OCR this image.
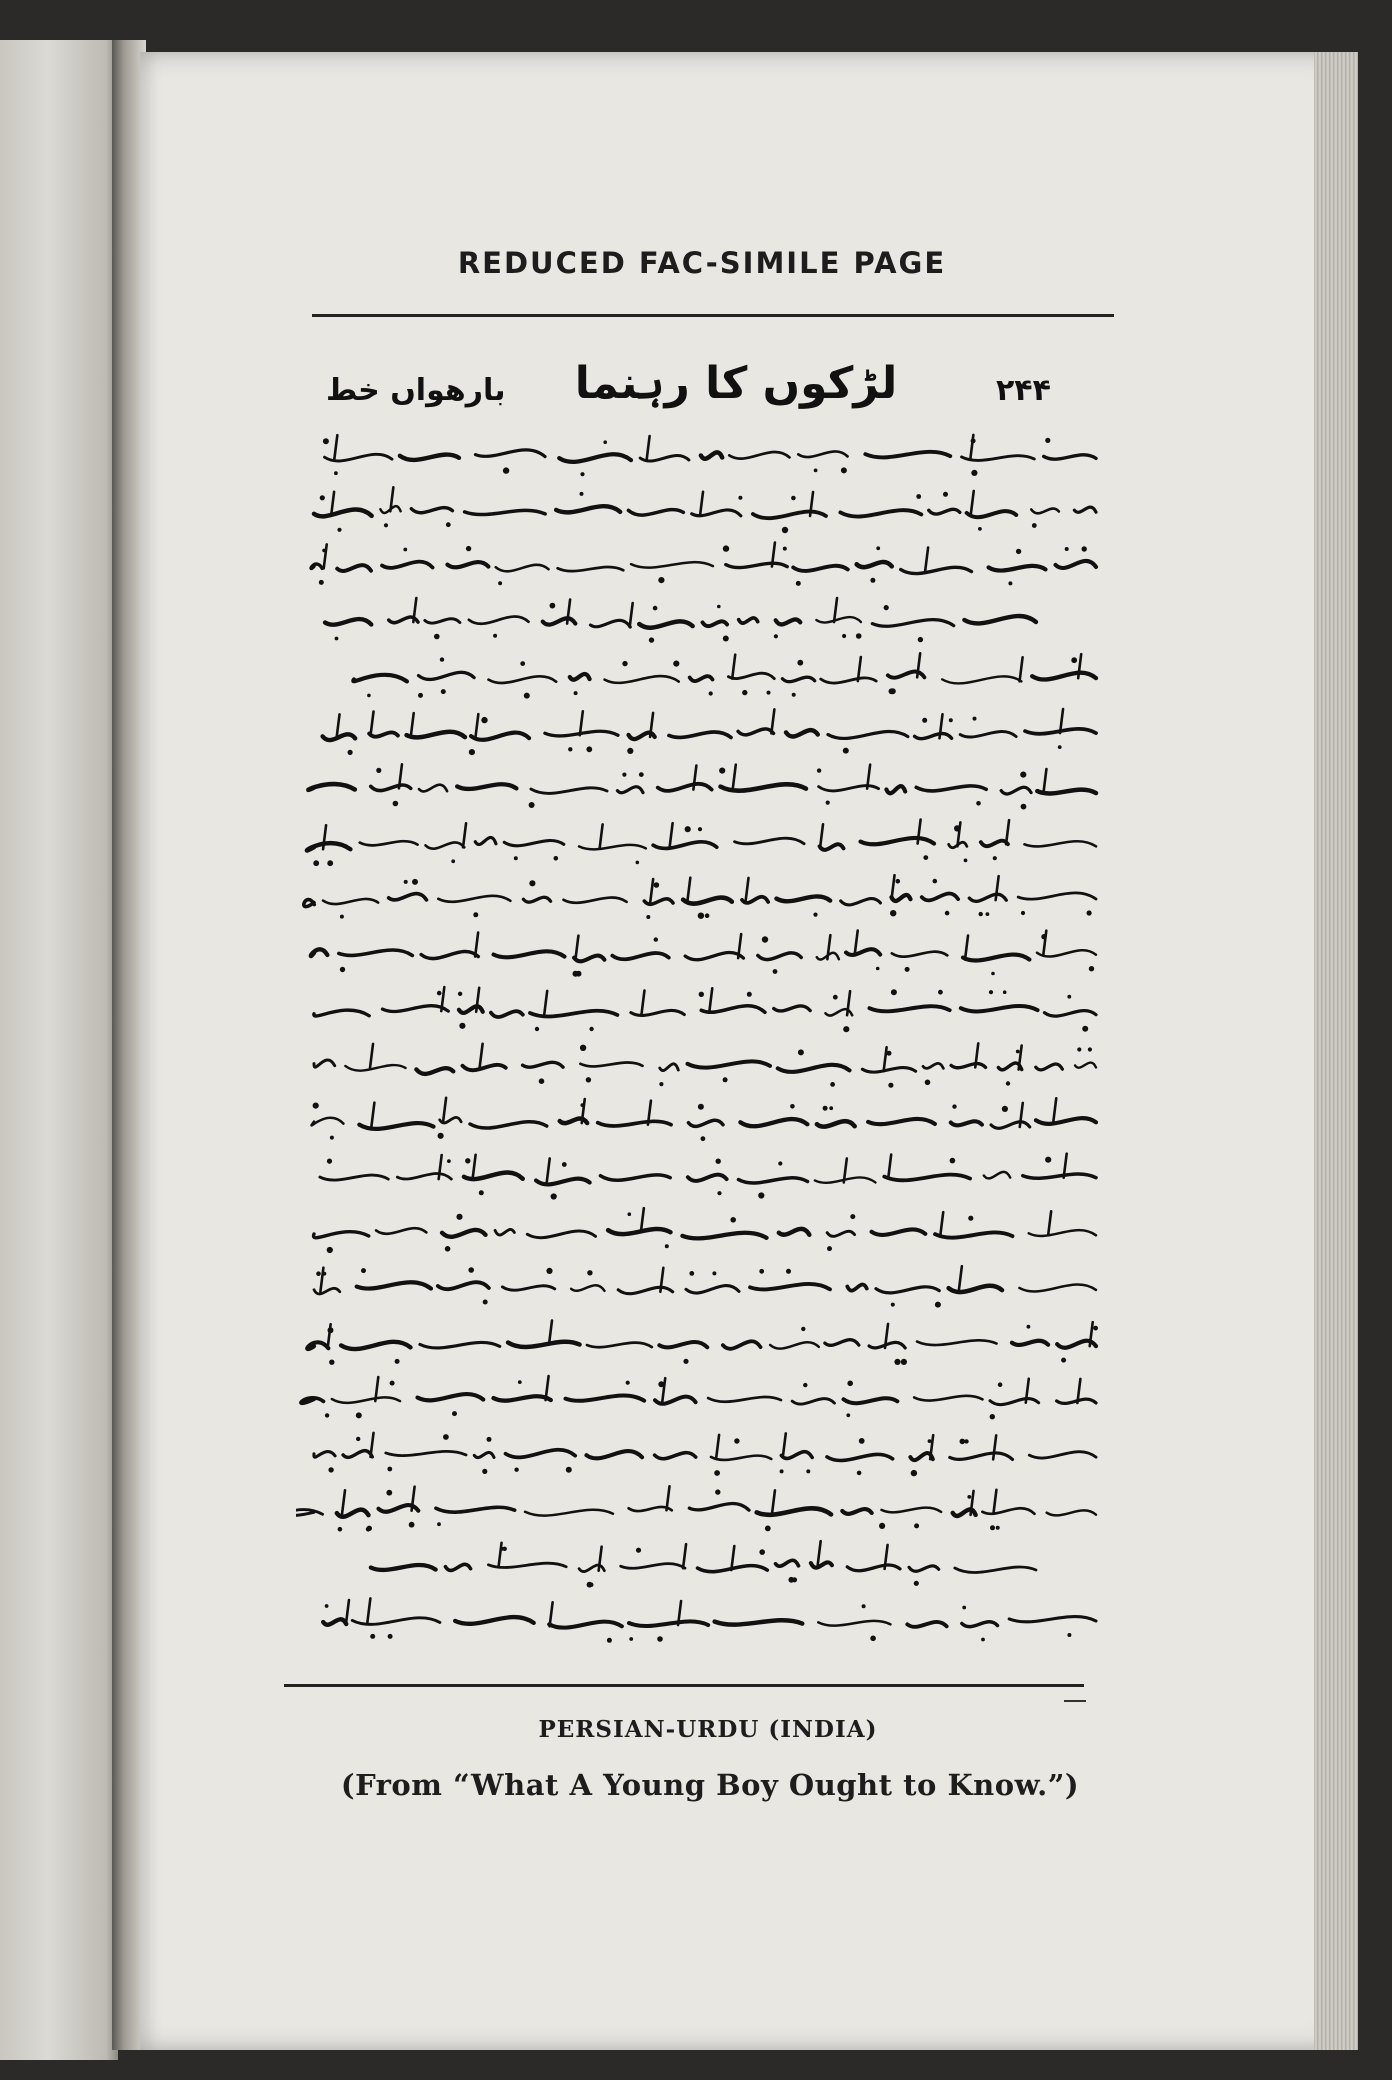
REDUCED FAC-SIMILE PAGE
۲۴۴
لڑکوں کا رہنما
بارھواں خط
PERSIAN-URDU (INDIA)
(From “What A Young Boy Ought to Know.”)
